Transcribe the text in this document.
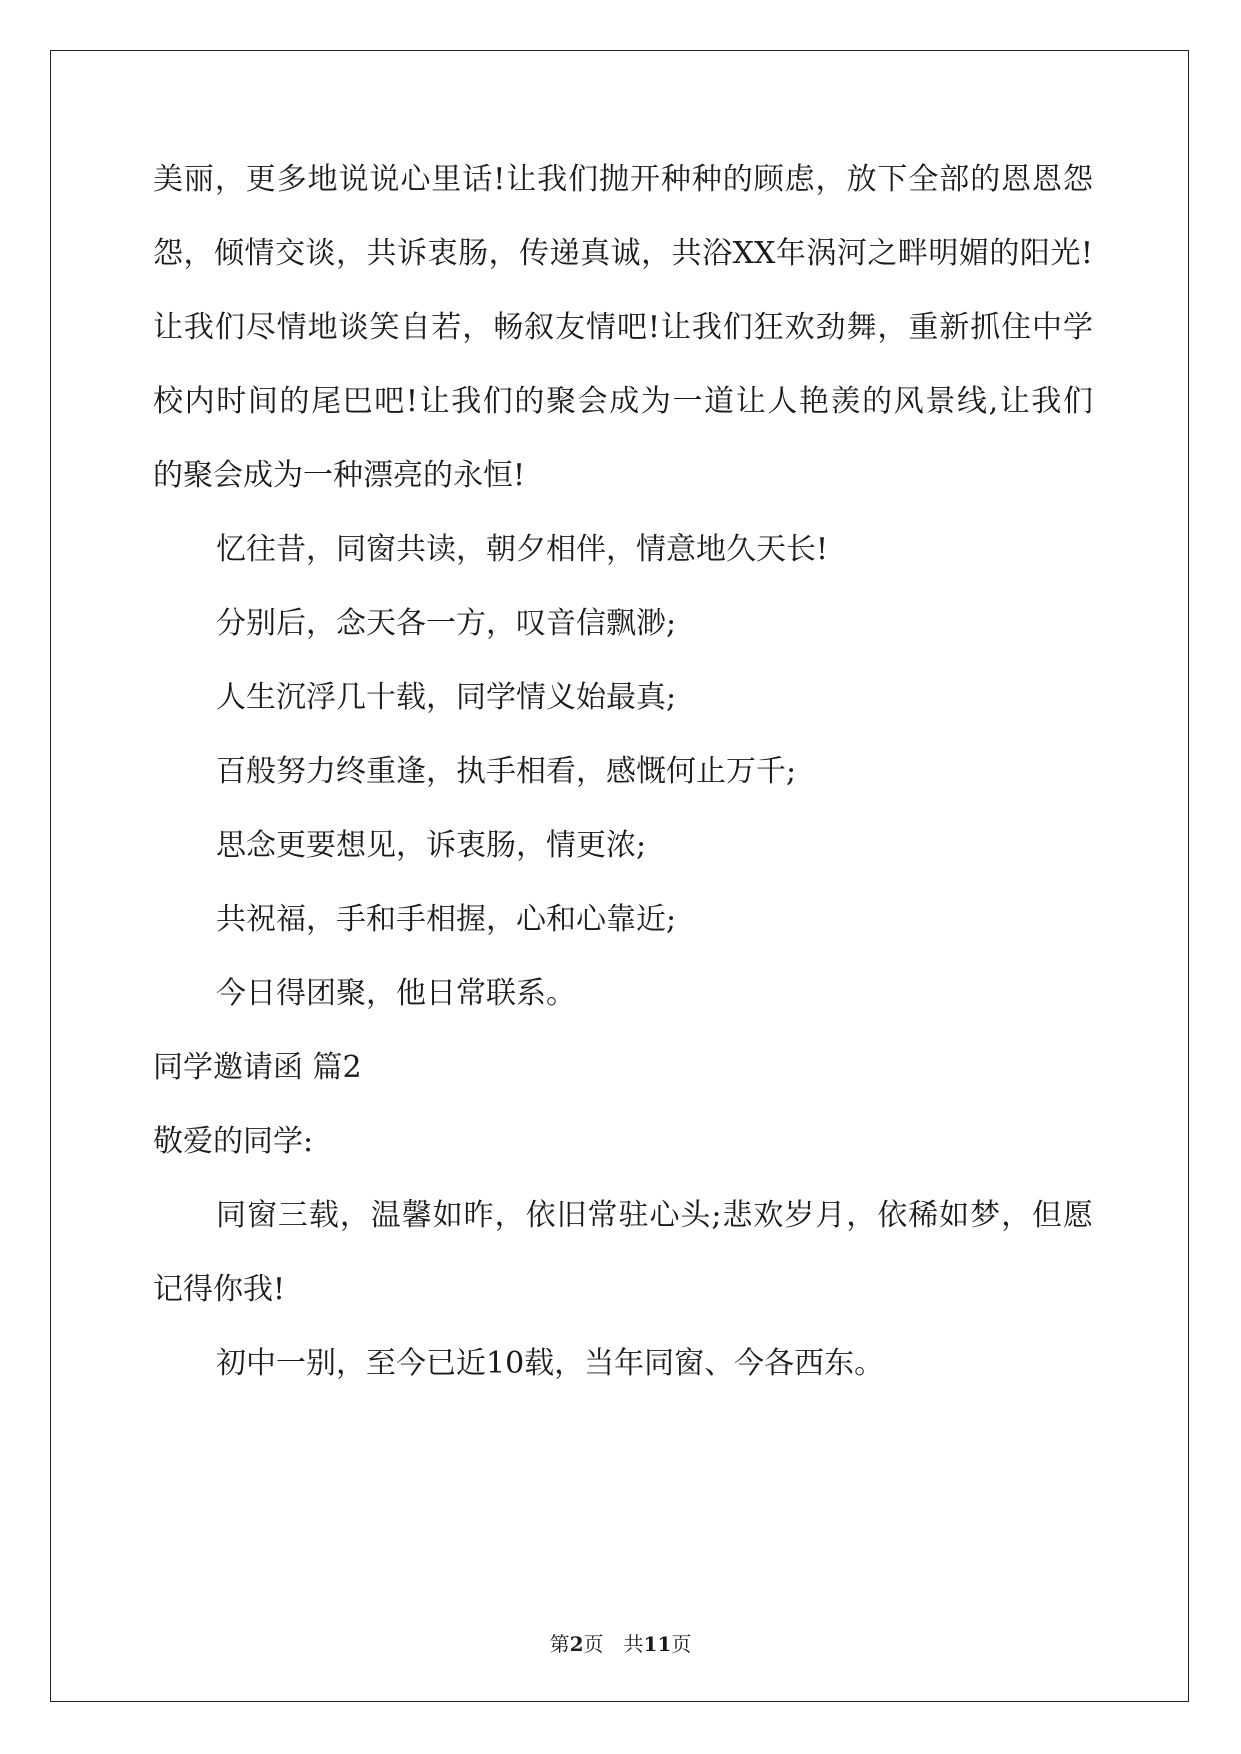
美丽，更多地说说心里话!让我们抛开种种的顾虑，放下全部的恩恩怨
怨，倾情交谈，共诉衷肠，传递真诚，共浴XX年涡河之畔明媚的阳光!
让我们尽情地谈笑自若，畅叙友情吧!让我们狂欢劲舞，重新抓住中学
校内时间的尾巴吧!让我们的聚会成为一道让人艳羡的风景线,让我们
的聚会成为一种漂亮的永恒!
忆往昔，同窗共读，朝夕相伴，情意地久天长!
分别后，念天各一方，叹音信飘渺;
人生沉浮几十载，同学情义始最真;
百般努力终重逢，执手相看，感慨何止万千;
思念更要想见，诉衷肠，情更浓;
共祝福，手和手相握，心和心靠近;
今日得团聚，他日常联系。
同学邀请函 篇2
敬爱的同学:
同窗三载，温馨如昨，依旧常驻心头;悲欢岁月，依稀如梦，但愿
记得你我!
初中一别，至今已近10载，当年同窗、今各西东。
第2页　共11页
